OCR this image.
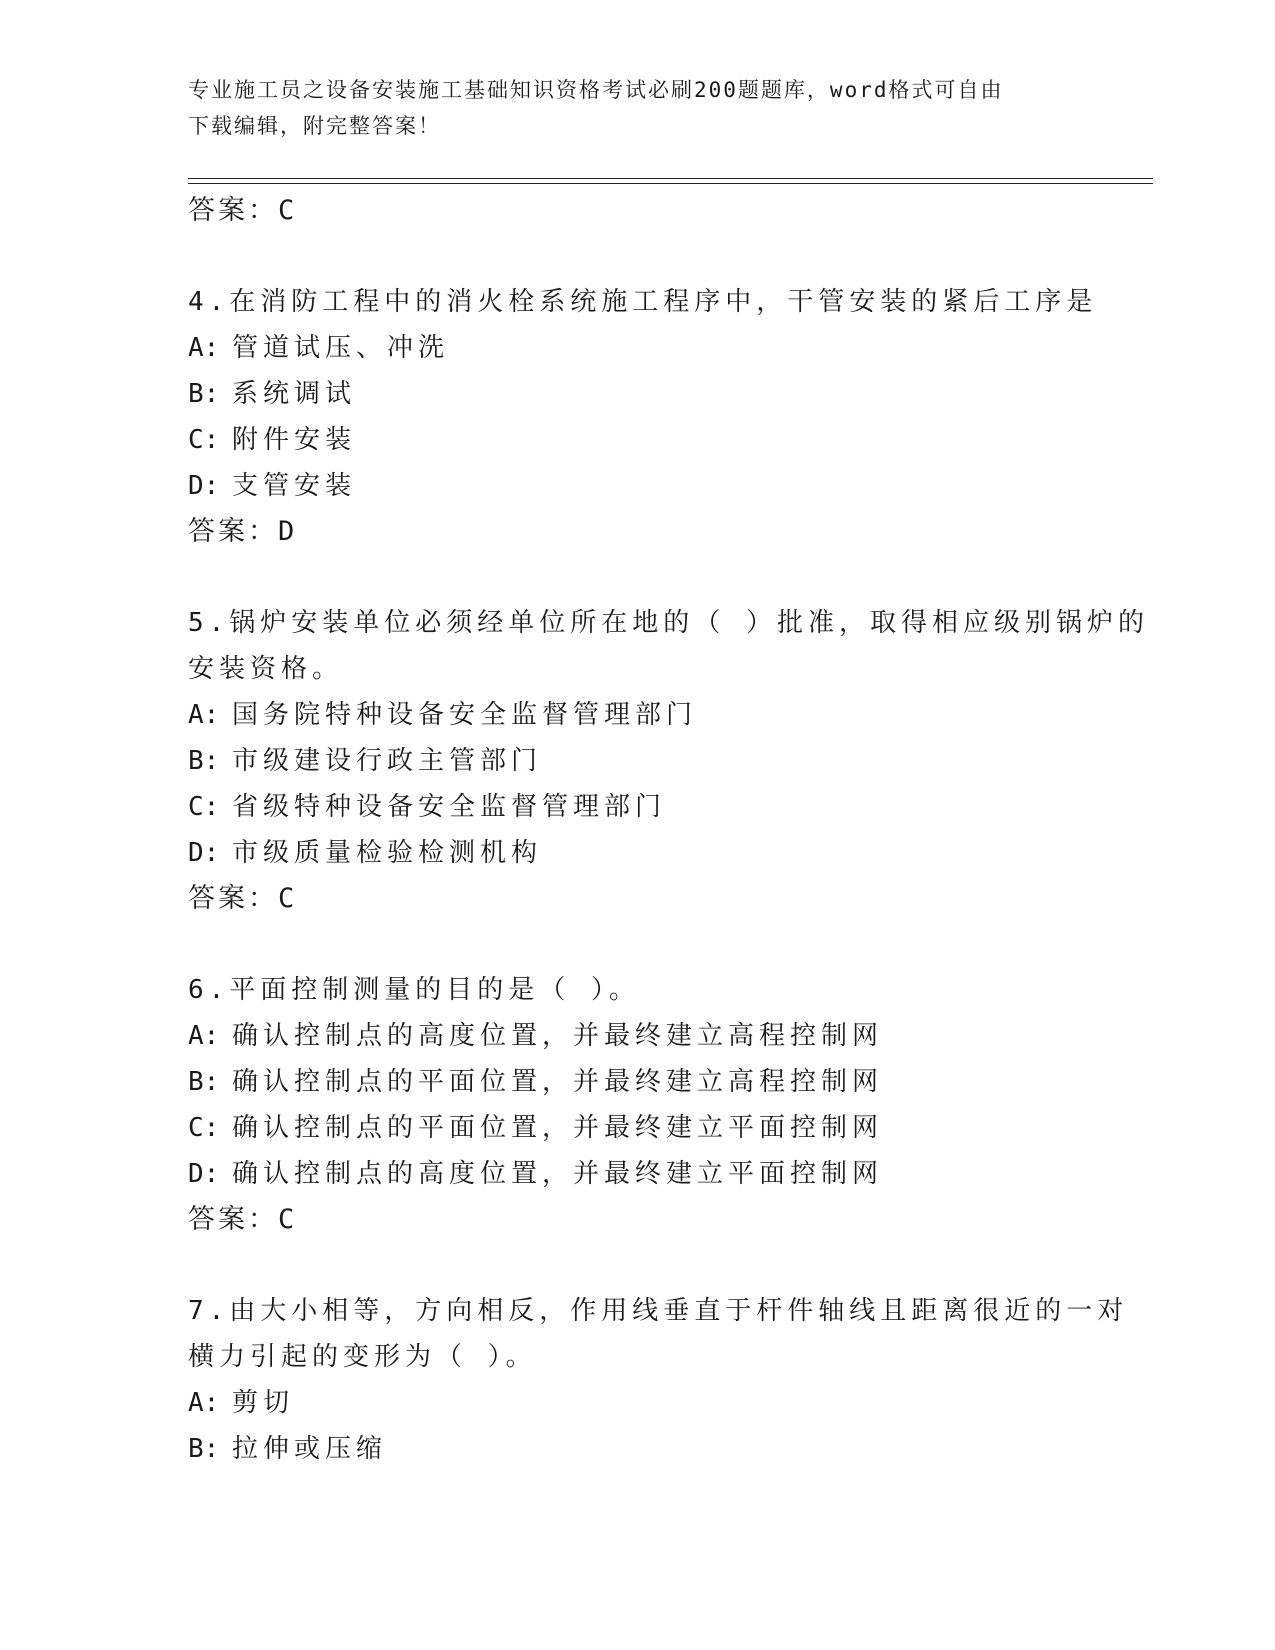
专业施工员之设备安装施工基础知识资格考试必刷200题题库，word格式可自由
下载编辑，附完整答案！
答案：C
4.在消防工程中的消火栓系统施工程序中，干管安装的紧后工序是
A: 管道试压、冲洗
B: 系统调试
C: 附件安装
D: 支管安装
答案：D
5.锅炉安装单位必须经单位所在地的（ ）批准，取得相应级别锅炉的
安装资格。
A: 国务院特种设备安全监督管理部门
B: 市级建设行政主管部门
C: 省级特种设备安全监督管理部门
D: 市级质量检验检测机构
答案：C
6.平面控制测量的目的是（ ）。
A: 确认控制点的高度位置，并最终建立高程控制网
B: 确认控制点的平面位置，并最终建立高程控制网
C: 确认控制点的平面位置，并最终建立平面控制网
D: 确认控制点的高度位置，并最终建立平面控制网
答案：C
7.由大小相等，方向相反，作用线垂直于杆件轴线且距离很近的一对
横力引起的变形为（ ）。
A: 剪切
B: 拉伸或压缩
